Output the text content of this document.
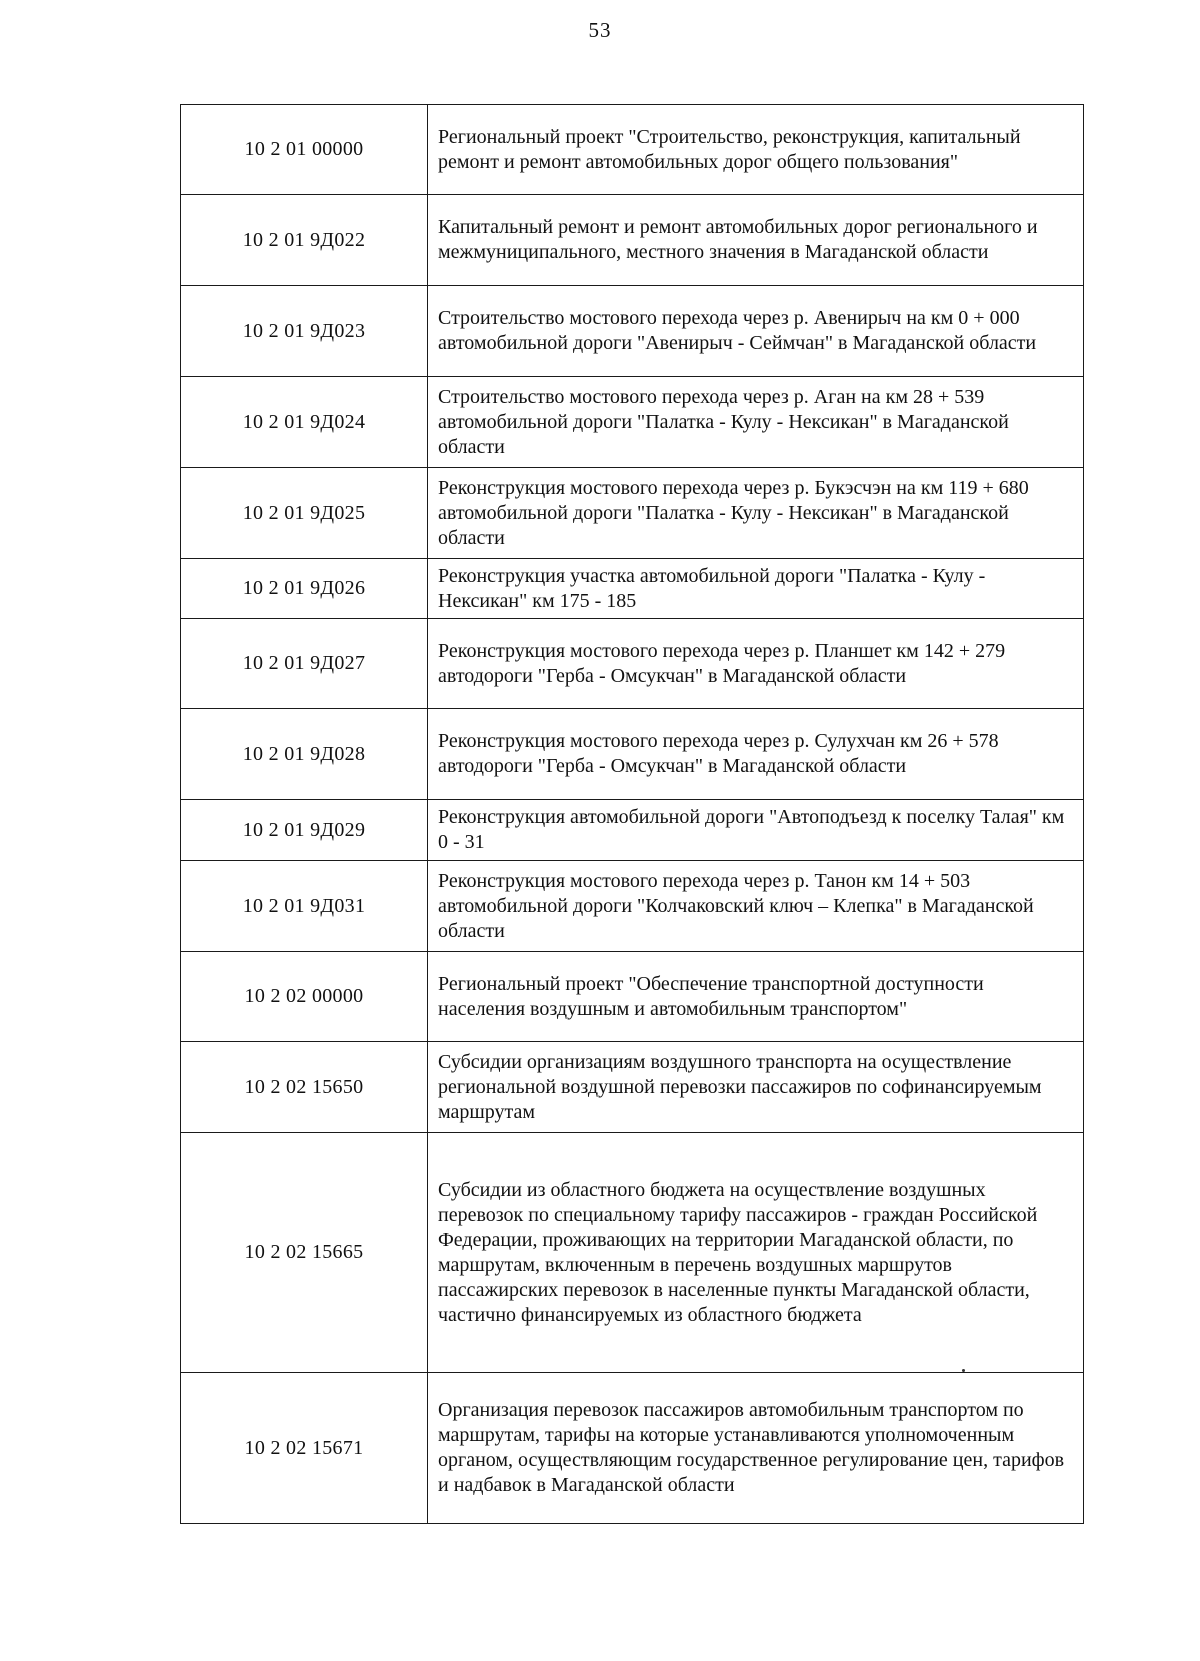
53
10 2 01 00000	Региональный проект "Строительство, реконструкция, капитальный ремонт и ремонт автомобильных дорог общего пользования"
10 2 01 9Д022	Капитальный ремонт и ремонт автомобильных дорог регионального и межмуниципального, местного значения в Магаданской области
10 2 01 9Д023	Строительство мостового перехода через р. Авенирыч на км 0 + 000 автомобильной дороги "Авенирыч - Сеймчан" в Магаданской области
10 2 01 9Д024	Строительство мостового перехода через р. Аган на км 28 + 539 автомобильной дороги "Палатка - Кулу - Нексикан" в Магаданской области
10 2 01 9Д025	Реконструкция мостового перехода через р. Букэсчэн на км 119 + 680 автомобильной дороги "Палатка - Кулу - Нексикан" в Магаданской области
10 2 01 9Д026	Реконструкция участка автомобильной дороги "Палатка - Кулу - Нексикан" км 175 - 185
10 2 01 9Д027	Реконструкция мостового перехода через р. Планшет км 142 + 279 автодороги "Герба - Омсукчан" в Магаданской области
10 2 01 9Д028	Реконструкция мостового перехода через р. Сулухчан км 26 + 578 автодороги "Герба - Омсукчан" в Магаданской области
10 2 01 9Д029	Реконструкция автомобильной дороги "Автоподъезд к поселку Талая" км 0 - 31
10 2 01 9Д031	Реконструкция мостового перехода через р. Танон км 14 + 503 автомобильной дороги "Колчаковский ключ – Клепка" в Магаданской области
10 2 02 00000	Региональный проект "Обеспечение транспортной доступности населения воздушным и автомобильным транспортом"
10 2 02 15650	Субсидии организациям воздушного транспорта на осуществление региональной воздушной перевозки пассажиров по софинансируемым маршрутам
10 2 02 15665	Субсидии из областного бюджета на осуществление воздушных перевозок по специальному тарифу пассажиров - граждан Российской Федерации, проживающих на территории Магаданской области, по маршрутам, включенным в перечень воздушных маршрутов пассажирских перевозок в населенные пункты Магаданской области, частично финансируемых из областного бюджета
10 2 02 15671	Организация перевозок пассажиров автомобильным транспортом по маршрутам, тарифы на которые устанавливаются уполномоченным органом, осуществляющим государственное регулирование цен, тарифов и надбавок в Магаданской области
